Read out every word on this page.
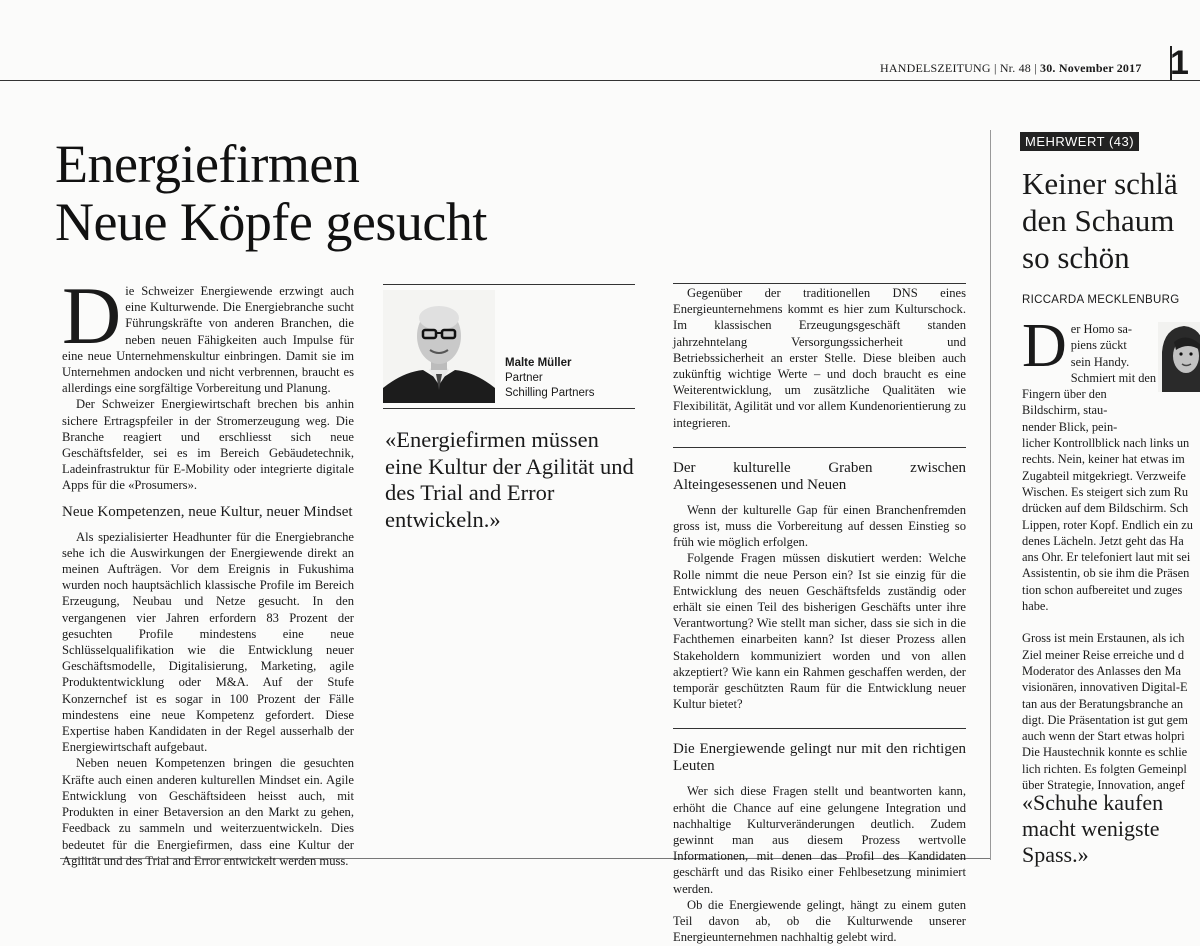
HANDELSZEITUNG | Nr. 48 | 30. November 2017 1
Energiefirmen
Neue Köpfe gesucht

Die Schweizer Energiewende erzwingt auch eine Kulturwende. Die Energiebranche sucht Führungskräfte von anderen Branchen, die neben neuen Fähigkeiten auch Impulse für eine neue Unternehmenskultur einbringen. Damit sie im Unternehmen andocken und nicht verbrennen, braucht es allerdings eine sorgfältige Vorbereitung und Planung.

Der Schweizer Energiewirtschaft brechen bis anhin sichere Ertragspfeiler in der Stromerzeugung weg. Die Branche reagiert und erschliesst sich neue Geschäftsfelder, sei es im Bereich Gebäudetechnik, Ladeinfrastruktur für E-Mobility oder integrierte digitale Apps für die «Prosumers».

Neue Kompetenzen, neue Kultur, neuer Mindset

Als spezialisierter Headhunter für die Energiebranche sehe ich die Auswirkungen der Energiewende direkt an meinen Aufträgen. Vor dem Ereignis in Fukushima wurden noch hauptsächlich klassische Profile im Bereich Erzeugung, Neubau und Netze gesucht. In den vergangenen vier Jahren erfordern 83 Prozent der gesuchten Profile mindestens eine neue Schlüsselqualifikation wie die Entwicklung neuer Geschäftsmodelle, Digitalisierung, Marketing, agile Produktentwicklung oder M&A. Auf der Stufe Konzernchef ist es sogar in 100 Prozent der Fälle mindestens eine neue Kompetenz gefordert. Diese Expertise haben Kandidaten in der Regel ausserhalb der Energiewirtschaft aufgebaut.

Neben neuen Kompetenzen bringen die gesuchten Kräfte auch einen anderen kulturellen Mindset ein. Agile Entwicklung von Geschäftsideen heisst auch, mit Produkten in einer Betaversion an den Markt zu gehen, Feedback zu sammeln und weiterzuentwickeln. Dies bedeutet für die Energiefirmen, dass eine Kultur der Agilität und des Trial and Error entwickelt werden muss.

Malte Müller
Partner
Schilling Partners
«Energiefirmen müssen eine Kultur der Agilität und des Trial and Error entwickeln.»

Gegenüber der traditionellen DNS eines Energieunternehmens kommt es hier zum Kulturschock. Im klassischen Erzeugungsgeschäft standen jahrzehntelang Versorgungssicherheit und Betriebssicherheit an erster Stelle. Diese bleiben auch zukünftig wichtige Werte – und doch braucht es eine Weiterentwicklung, um zusätzliche Qualitäten wie Flexibilität, Agilität und vor allem Kundenorientierung zu integrieren.

Der kulturelle Graben zwischen Alteingesessenen und Neuen

Wenn der kulturelle Gap für einen Branchenfremden gross ist, muss die Vorbereitung auf dessen Einstieg so früh wie möglich erfolgen.

Folgende Fragen müssen diskutiert werden: Welche Rolle nimmt die neue Person ein? Ist sie einzig für die Entwicklung des neuen Geschäftsfelds zuständig oder erhält sie einen Teil des bisherigen Geschäfts unter ihre Verantwortung? Wie stellt man sicher, dass sie sich in die Fachthemen einarbeiten kann? Ist dieser Prozess allen Stakeholdern kommuniziert worden und von allen akzeptiert? Wie kann ein Rahmen geschaffen werden, der temporär geschützten Raum für die Entwicklung neuer Kultur bietet?

Die Energiewende gelingt nur mit den richtigen Leuten

Wer sich diese Fragen stellt und beantworten kann, erhöht die Chance auf eine gelungene Integration und nachhaltige Kulturveränderungen deutlich. Zudem gewinnt man aus diesem Prozess wertvolle Informationen, mit denen das Profil des Kandidaten geschärft und das Risiko einer Fehlbesetzung minimiert werden.

Ob die Energiewende gelingt, hängt zu einem guten Teil davon ab, ob die Kulturwende unserer Energieunternehmen nachhaltig gelebt wird.

MEHRWERT (43)
Keiner schlä
den Schaum
so schön
RICCARDA MECKLENBURG
D er Homo sa-
piens zückt
sein Handy.
Schmiert mit den
Fingern über den
Bildschirm, stau-
nender Blick, pein-
licher Kontrollblick nach links un
rechts. Nein, keiner hat etwas im
Zugabteil mitgekriegt. Verzweife
Wischen. Es steigert sich zum Ru
drücken auf dem Bildschirm. Sch
Lippen, roter Kopf. Endlich ein zu
denes Lächeln. Jetzt geht das Ha
ans Ohr. Er telefoniert laut mit sei
Assistentin, ob sie ihm die Präsen
tion schon aufbereitet und zuges
habe.
Gross ist mein Erstaunen, als ich
Ziel meiner Reise erreiche und d
Moderator des Anlasses den Ma
visionären, innovativen Digital-E
tan aus der Beratungsbranche an
digt. Die Präsentation ist gut gem
auch wenn der Start etwas holpri
Die Haustechnik konnte es schlie
lich richten. Es folgten Gemeinpl
über Strategie, Innovation, angef
«Schuhe kaufen
macht wenigste
Spass.»
